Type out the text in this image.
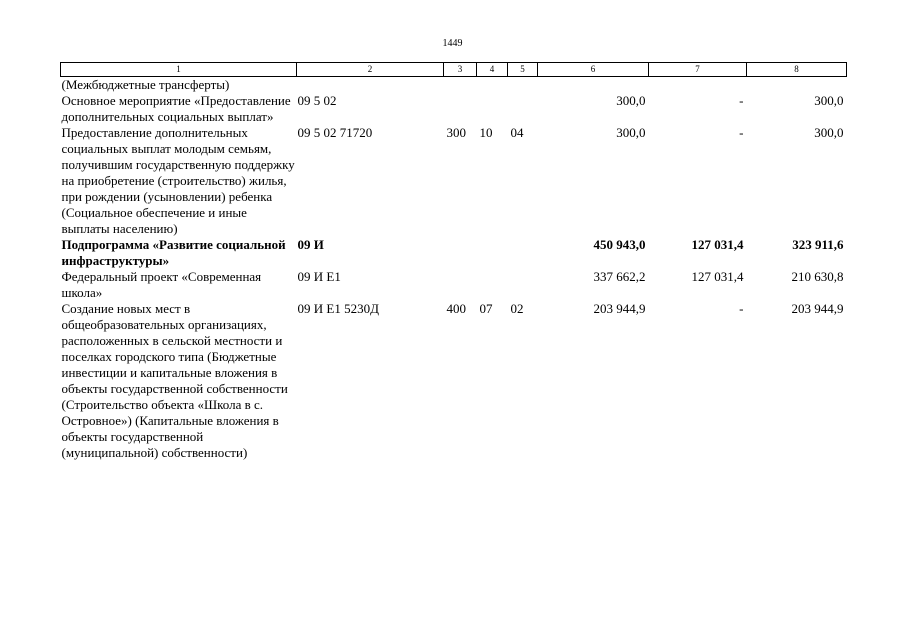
1449
1	2	3	4	5	6	7	8
(Межбюджетные трансферты)							
Основное мероприятие «Предоставление дополнительных социальных выплат»	09 5 02				300,0	-	300,0
Предоставление дополнительных социальных выплат молодым семьям, получившим государственную поддержку на приобретение (строительство) жилья, при рождении (усыновлении) ребенка (Социальное обеспечение и иные выплаты населению)	09 5 02 71720	300	10	04	300,0	-	300,0
Подпрограмма «Развитие социальной инфраструктуры»	09 И				450 943,0	127 031,4	323 911,6
Федеральный проект «Современная школа»	09 И Е1				337 662,2	127 031,4	210 630,8
Создание новых мест в общеобразовательных организациях, расположенных в сельской местности и поселках городского типа (Бюджетные инвестиции и капитальные вложения в объекты государственной собственности (Строительство объекта «Школа в с. Островное») (Капитальные вложения в объекты государственной (муниципальной) собственности)	09 И Е1 5230Д	400	07	02	203 944,9	-	203 944,9
